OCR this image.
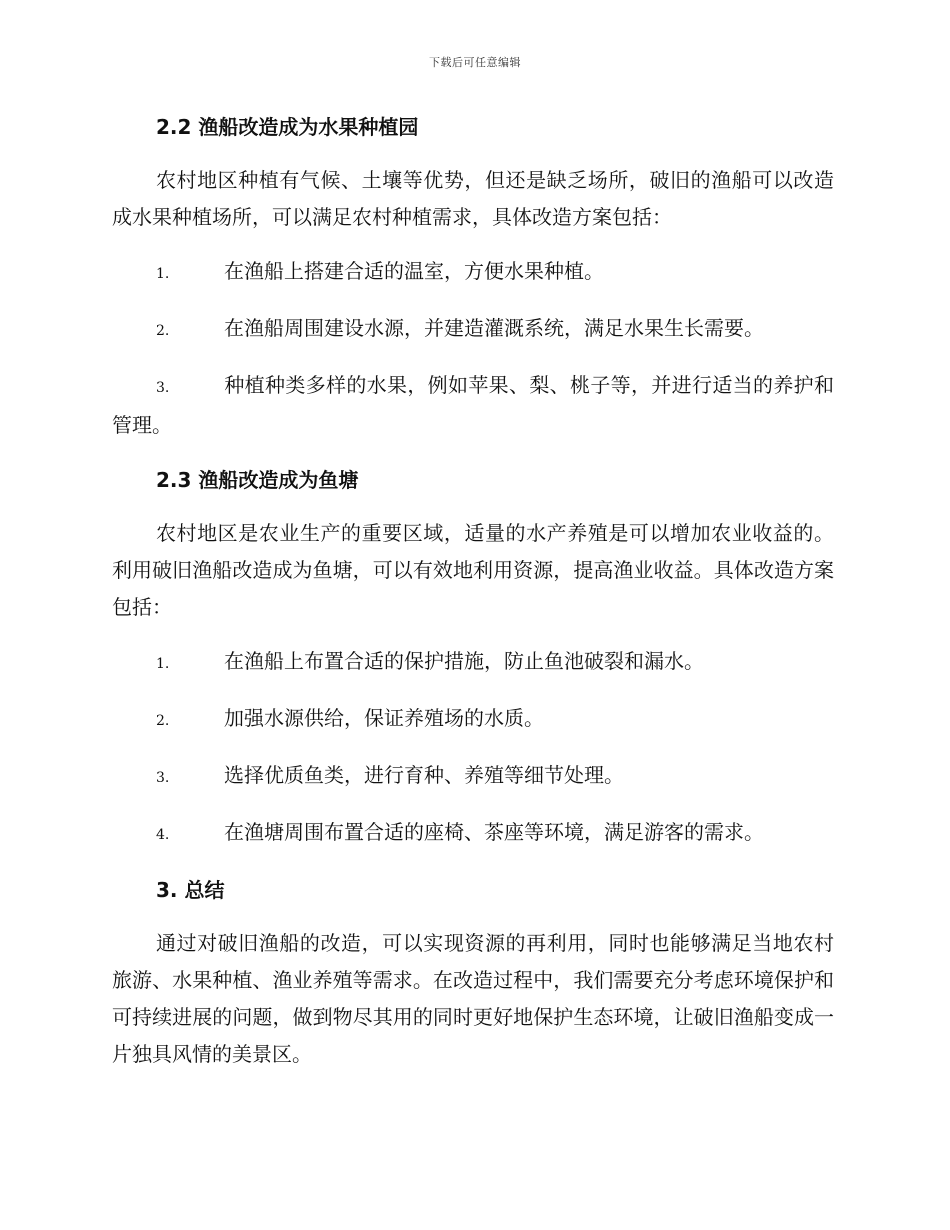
下载后可任意编辑
2.2 渔船改造成为水果种植园

农村地区种植有气候、土壤等优势，但还是缺乏场所，破旧的渔船可以改造成水果种植场所，可以满足农村种植需求，具体改造方案包括：

1.	在渔船上搭建合适的温室，方便水果种植。
2.	在渔船周围建设水源，并建造灌溉系统，满足水果生长需要。
3.	种植种类多样的水果，例如苹果、梨、桃子等，并进行适当的养护和管理。
2.3 渔船改造成为鱼塘

农村地区是农业生产的重要区域，适量的水产养殖是可以增加农业收益的。利用破旧渔船改造成为鱼塘，可以有效地利用资源，提高渔业收益。具体改造方案包括：

1.	在渔船上布置合适的保护措施，防止鱼池破裂和漏水。
2.	加强水源供给，保证养殖场的水质。
3.	选择优质鱼类，进行育种、养殖等细节处理。
4.	在渔塘周围布置合适的座椅、茶座等环境，满足游客的需求。
3. 总结

通过对破旧渔船的改造，可以实现资源的再利用，同时也能够满足当地农村旅游、水果种植、渔业养殖等需求。在改造过程中，我们需要充分考虑环境保护和可持续进展的问题，做到物尽其用的同时更好地保护生态环境，让破旧渔船变成一片独具风情的美景区。
